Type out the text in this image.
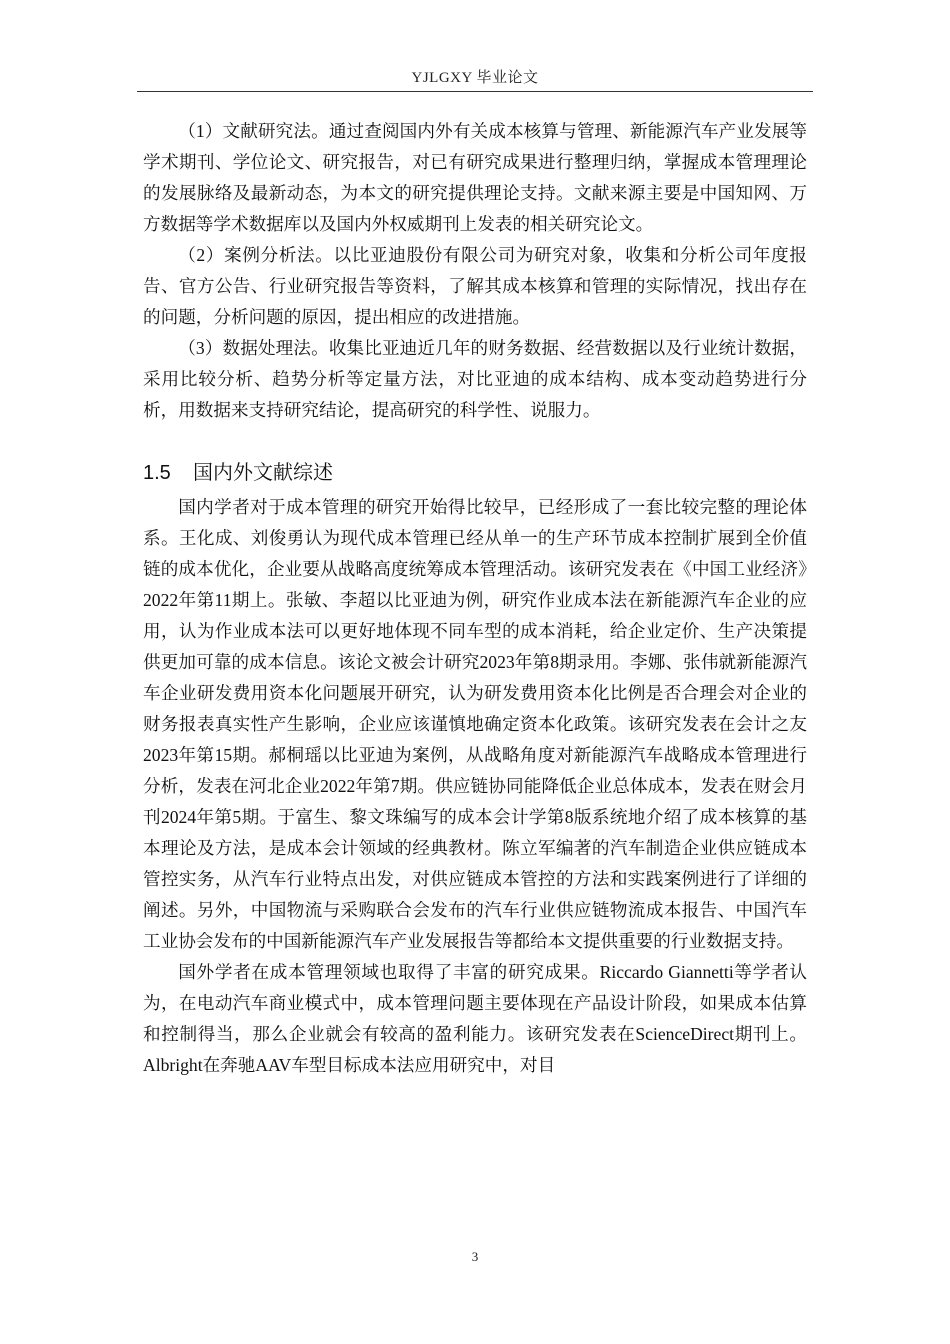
YJLGXY 毕业论文

（1）文献研究法。通过查阅国内外有关成本核算与管理、新能源汽车产业发展等学术期刊、学位论文、研究报告，对已有研究成果进行整理归纳，掌握成本管理理论的发展脉络及最新动态，为本文的研究提供理论支持。文献来源主要是中国知网、万方数据等学术数据库以及国内外权威期刊上发表的相关研究论文。

（2）案例分析法。以比亚迪股份有限公司为研究对象，收集和分析公司年度报告、官方公告、行业研究报告等资料，了解其成本核算和管理的实际情况，找出存在的问题，分析问题的原因，提出相应的改进措施。

（3）数据处理法。收集比亚迪近几年的财务数据、经营数据以及行业统计数据，采用比较分析、趋势分析等定量方法，对比亚迪的成本结构、成本变动趋势进行分析，用数据来支持研究结论，提高研究的科学性、说服力。

1.5 国内外文献综述

国内学者对于成本管理的研究开始得比较早，已经形成了一套比较完整的理论体系。王化成、刘俊勇认为现代成本管理已经从单一的生产环节成本控制扩展到全价值链的成本优化，企业要从战略高度统筹成本管理活动。该研究发表在《中国工业经济》2022年第11期上。张敏、李超以比亚迪为例，研究作业成本法在新能源汽车企业的应用，认为作业成本法可以更好地体现不同车型的成本消耗，给企业定价、生产决策提供更加可靠的成本信息。该论文被会计研究2023年第8期录用。李娜、张伟就新能源汽车企业研发费用资本化问题展开研究，认为研发费用资本化比例是否合理会对企业的财务报表真实性产生影响，企业应该谨慎地确定资本化政策。该研究发表在会计之友2023年第15期。郝桐瑶以比亚迪为案例，从战略角度对新能源汽车战略成本管理进行分析，发表在河北企业2022年第7期。供应链协同能降低企业总体成本，发表在财会月刊2024年第5期。于富生、黎文珠编写的成本会计学第8版系统地介绍了成本核算的基本理论及方法，是成本会计领域的经典教材。陈立军编著的汽车制造企业供应链成本管控实务，从汽车行业特点出发，对供应链成本管控的方法和实践案例进行了详细的阐述。另外，中国物流与采购联合会发布的汽车行业供应链物流成本报告、中国汽车工业协会发布的中国新能源汽车产业发展报告等都给本文提供重要的行业数据支持。

国外学者在成本管理领域也取得了丰富的研究成果。Riccardo Giannetti等学者认为，在电动汽车商业模式中，成本管理问题主要体现在产品设计阶段，如果成本估算和控制得当，那么企业就会有较高的盈利能力。该研究发表在ScienceDirect期刊上。Albright在奔驰AAV车型目标成本法应用研究中，对目

3
